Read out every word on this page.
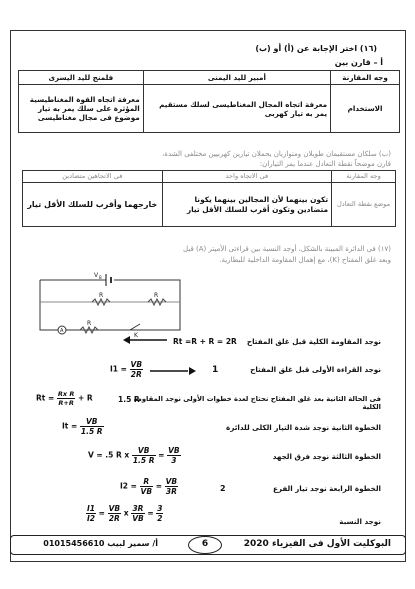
(١٦) اختر الإجابة عن (أ) أو (ب)
أ – قارن بين
فلمنج لليد اليسرى	أمبير لليد اليمنى	وجه المقارنة
معرفة اتجاه القوة المغناطيسية المؤثرة على سلك يمر به تيار موضوع فى مجال مغناطيسى	معرفة اتجاه المجال المغناطيسى لسلك مستقيم يمر به تيار كهربى	الاستخدام
(ب) سلكان مستقيمان طويلان ومتوازيان يحملان تيارين كهربيين مختلفى الشدة،
قارن موضحاً نقطة التعادل عندما يمر التياران:
فى الاتجاهين متضادين	فى الاتجاه واحد	وجه المقارنة
خارجهما وأقرب للسلك الأقل تيار	تكون بينهما لأن المجالين بينهما يكونا متضادين وتكون أقرب للسلك الأقل تيار	موضع نقطة التعادل
(١٧) فى الدائرة المبينة بالشكل، أوجد النسبة بين قراءتى الأميتر (A) قبل
وبعد غلق المفتاح (K)، مع إهمال المقاومة الداخلية للبطارية.
V B
R
R
R
A
K
نوجد المقاومة الكلية قبل غلق المفتاح
Rt =R + R = 2R
نوجد القراءة الأولى قبل غلق المفتاح
$I1 = \frac{VB}{2R}$	1
فى الحالة الثانية بعد غلق المفتاح نحتاج لعدة خطوات الأولى نوجد المقاومة الكلية
$Rt = \frac{\text{Rx R}}{R+R} + R$	1.5 R
الخطوة الثانية نوجد شدة التيار الكلى للدائرة
$It = \frac{VB}{1.5 R}$
الخطوة الثالثة نوجد فرق الجهد
V = .5 R x $\frac{VB}{1.5 R} = \frac{VB}{3}$
الخطوة الرابعة نوجد تيار الفرع
2
$I2 = \frac{R}{VB} = \frac{VB}{3R}$
نوجد النسبة
$\frac{I1}{I2} = \frac{VB}{2R}$ x $\frac{3R}{VB} = \frac{3}{2}$
البوكليت الأول فى الفيزياء 2020
6
أ/ سمير لبيب 01015456610
